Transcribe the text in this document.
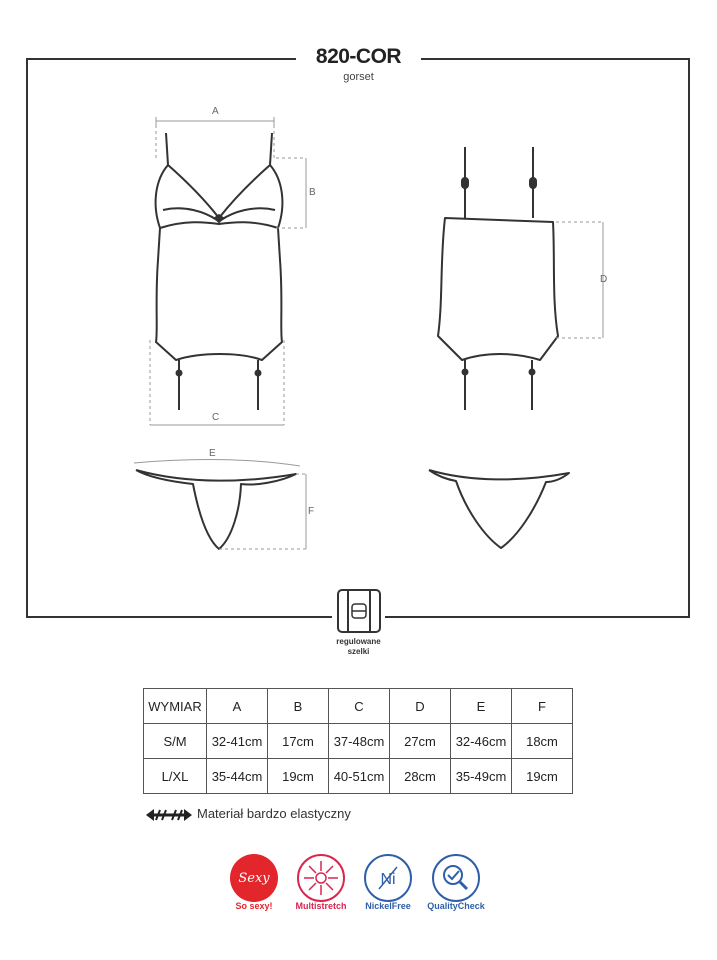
820-COR
gorset
A
B
C
D
E
F
regulowane
szelki
WYMIAR	A	B	C	D	E	F
S/M	32-41cm	17cm	37-48cm	27cm	32-46cm	18cm
L/XL	35-44cm	19cm	40-51cm	28cm	35-49cm	19cm
Materiał bardzo elastyczny
Sexy
So sexy!	Multistretch
Ni
NickelFree	QualityCheck
